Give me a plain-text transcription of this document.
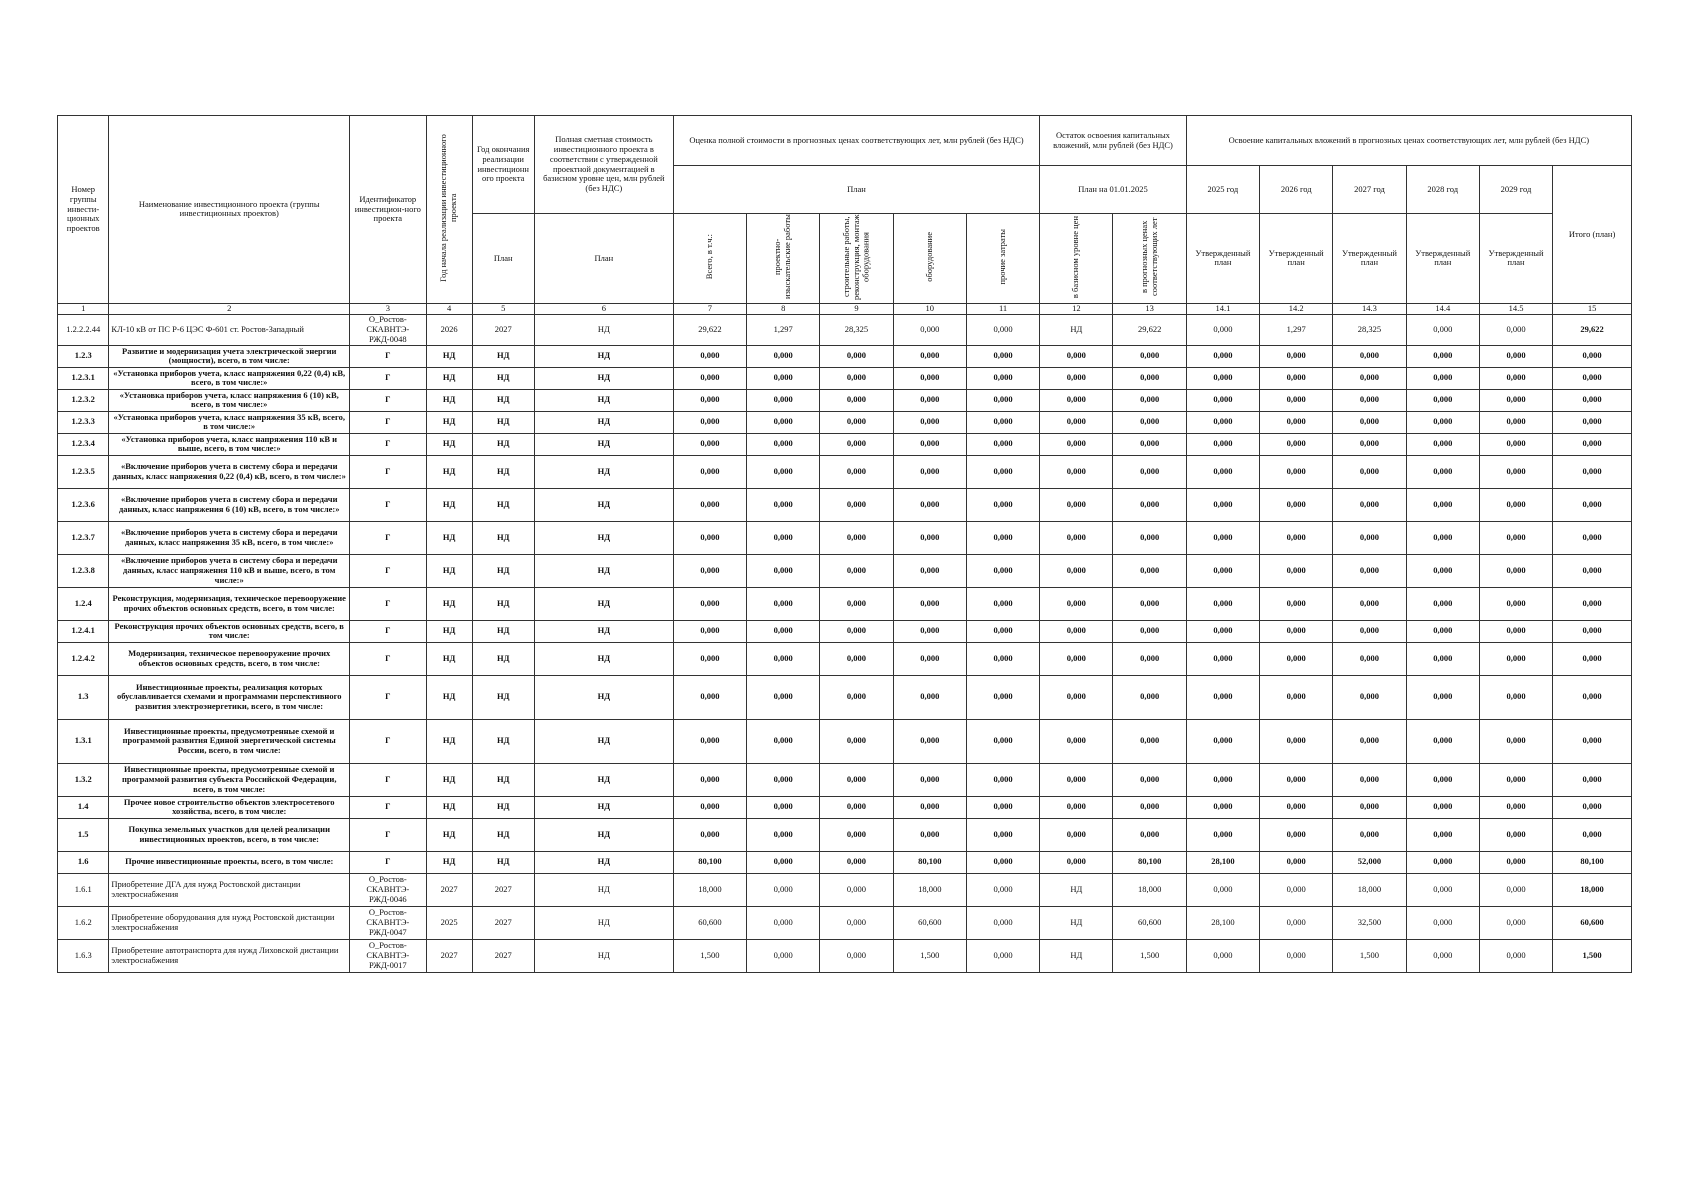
Номер группы инвести-ционных проектов	Наименование инвестиционного проекта (группы инвестиционных проектов)	Идентификатор инвестицион-ного проекта	Год начала реализации инвестиционного проекта	Год окончания реализации инвестиционн ого проекта	Полная сметная стоимость инвестиционного проекта в соответствии с утвержденной проектной документацией в базисном уровне цен, млн рублей (без НДС)	Оценка полной стоимости в прогнозных ценах соответствующих лет, млн рублей (без НДС)					Остаток освоения капитальных вложений, млн рублей (без НДС)		Освоение капитальных вложений в прогнозных ценах соответствующих лет, млн рублей (без НДС)					
						План					План на 01.01.2025		2025 год	2026 год	2027 год	2028 год	2029 год	Итого (план)
				План	План	Всего, в т.ч.:	проектно-изыскательские работы	строительные работы, реконструкция, монтаж оборудования	оборудование	прочие затраты	в базисном уровне цен	в прогнозных ценах соответствующих лет	Утвержденный план	Утвержденный план	Утвержденный план	Утвержденный план	Утвержденный план	
1	2	3	4	5	6	7	8	9	10	11	12	13	14.1	14.2	14.3	14.4	14.5	15
1.2.2.2.44	КЛ-10 кВ от ПС Р-6 ЦЭС Ф-601 ст. Ростов-Западный	О_Ростов-СКАВНТЭ-РЖД-0048	2026	2027	НД	29,622	1,297	28,325	0,000	0,000	НД	29,622	0,000	1,297	28,325	0,000	0,000	29,622
1.2.3	Развитие и модернизация учета электрической энергии (мощности), всего, в том числе:	Г	НД	НД	НД	0,000	0,000	0,000	0,000	0,000	0,000	0,000	0,000	0,000	0,000	0,000	0,000	0,000
1.2.3.1	«Установка приборов учета, класс напряжения 0,22 (0,4) кВ, всего, в том числе:»	Г	НД	НД	НД	0,000	0,000	0,000	0,000	0,000	0,000	0,000	0,000	0,000	0,000	0,000	0,000	0,000
1.2.3.2	«Установка приборов учета, класс напряжения 6 (10) кВ, всего, в том числе:»	Г	НД	НД	НД	0,000	0,000	0,000	0,000	0,000	0,000	0,000	0,000	0,000	0,000	0,000	0,000	0,000
1.2.3.3	«Установка приборов учета, класс напряжения 35 кВ, всего, в том числе:»	Г	НД	НД	НД	0,000	0,000	0,000	0,000	0,000	0,000	0,000	0,000	0,000	0,000	0,000	0,000	0,000
1.2.3.4	«Установка приборов учета, класс напряжения 110 кВ и выше, всего, в том числе:»	Г	НД	НД	НД	0,000	0,000	0,000	0,000	0,000	0,000	0,000	0,000	0,000	0,000	0,000	0,000	0,000
1.2.3.5	«Включение приборов учета в систему сбора и передачи данных, класс напряжения 0,22 (0,4) кВ, всего, в том числе:»	Г	НД	НД	НД	0,000	0,000	0,000	0,000	0,000	0,000	0,000	0,000	0,000	0,000	0,000	0,000	0,000
1.2.3.6	«Включение приборов учета в систему сбора и передачи данных, класс напряжения 6 (10) кВ, всего, в том числе:»	Г	НД	НД	НД	0,000	0,000	0,000	0,000	0,000	0,000	0,000	0,000	0,000	0,000	0,000	0,000	0,000
1.2.3.7	«Включение приборов учета в систему сбора и передачи данных, класс напряжения 35 кВ, всего, в том числе:»	Г	НД	НД	НД	0,000	0,000	0,000	0,000	0,000	0,000	0,000	0,000	0,000	0,000	0,000	0,000	0,000
1.2.3.8	«Включение приборов учета в систему сбора и передачи данных, класс напряжения 110 кВ и выше, всего, в том числе:»	Г	НД	НД	НД	0,000	0,000	0,000	0,000	0,000	0,000	0,000	0,000	0,000	0,000	0,000	0,000	0,000
1.2.4	Реконструкция, модернизация, техническое перевооружение прочих объектов основных средств, всего, в том числе:	Г	НД	НД	НД	0,000	0,000	0,000	0,000	0,000	0,000	0,000	0,000	0,000	0,000	0,000	0,000	0,000
1.2.4.1	Реконструкция прочих объектов основных средств, всего, в том числе:	Г	НД	НД	НД	0,000	0,000	0,000	0,000	0,000	0,000	0,000	0,000	0,000	0,000	0,000	0,000	0,000
1.2.4.2	Модернизация, техническое перевооружение прочих объектов основных средств, всего, в том числе:	Г	НД	НД	НД	0,000	0,000	0,000	0,000	0,000	0,000	0,000	0,000	0,000	0,000	0,000	0,000	0,000
1.3	Инвестиционные проекты, реализация которых обуславливается схемами и программами перспективного развития электроэнергетики, всего, в том числе:	Г	НД	НД	НД	0,000	0,000	0,000	0,000	0,000	0,000	0,000	0,000	0,000	0,000	0,000	0,000	0,000
1.3.1	Инвестиционные проекты, предусмотренные схемой и программой развития Единой энергетической системы России, всего, в том числе:	Г	НД	НД	НД	0,000	0,000	0,000	0,000	0,000	0,000	0,000	0,000	0,000	0,000	0,000	0,000	0,000
1.3.2	Инвестиционные проекты, предусмотренные схемой и программой развития субъекта Российской Федерации, всего, в том числе:	Г	НД	НД	НД	0,000	0,000	0,000	0,000	0,000	0,000	0,000	0,000	0,000	0,000	0,000	0,000	0,000
1.4	Прочее новое строительство объектов электросетевого хозяйства, всего, в том числе:	Г	НД	НД	НД	0,000	0,000	0,000	0,000	0,000	0,000	0,000	0,000	0,000	0,000	0,000	0,000	0,000
1.5	Покупка земельных участков для целей реализации инвестиционных проектов, всего, в том числе:	Г	НД	НД	НД	0,000	0,000	0,000	0,000	0,000	0,000	0,000	0,000	0,000	0,000	0,000	0,000	0,000
1.6	Прочие инвестиционные проекты, всего, в том числе:	Г	НД	НД	НД	80,100	0,000	0,000	80,100	0,000	0,000	80,100	28,100	0,000	52,000	0,000	0,000	80,100
1.6.1	Приобретение ДГА для нужд Ростовской дистанции электроснабжения	О_Ростов-СКАВНТЭ-РЖД-0046	2027	2027	НД	18,000	0,000	0,000	18,000	0,000	НД	18,000	0,000	0,000	18,000	0,000	0,000	18,000
1.6.2	Приобретение оборудования для нужд Ростовской дистанции электроснабжения	О_Ростов-СКАВНТЭ-РЖД-0047	2025	2027	НД	60,600	0,000	0,000	60,600	0,000	НД	60,600	28,100	0,000	32,500	0,000	0,000	60,600
1.6.3	Приобретение автотранспорта для нужд Лиховской дистанции электроснабжения	О_Ростов-СКАВНТЭ-РЖД-0017	2027	2027	НД	1,500	0,000	0,000	1,500	0,000	НД	1,500	0,000	0,000	1,500	0,000	0,000	1,500
